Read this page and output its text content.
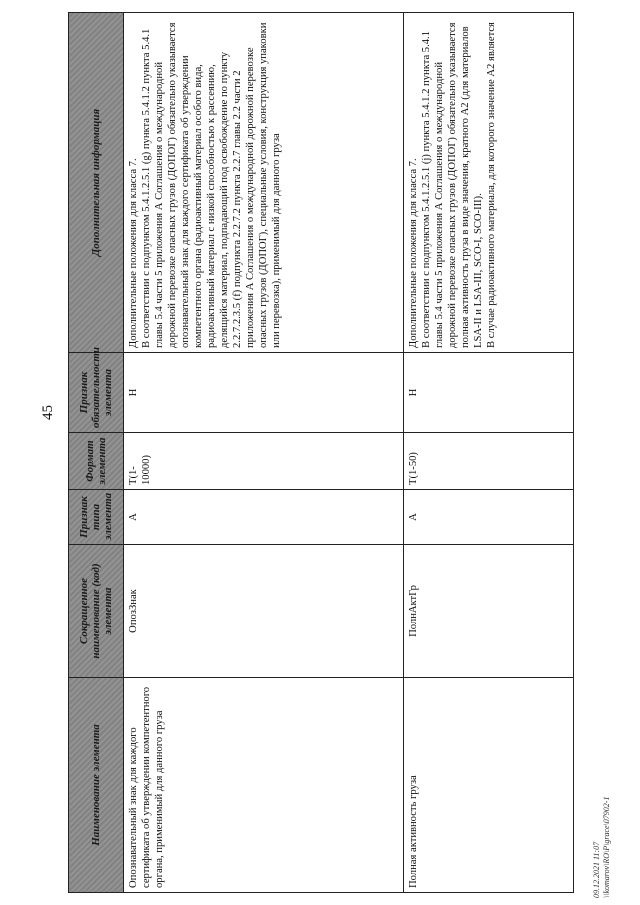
45
09.12.2021 11:07 \\komarov\RO\P\grace\07902-1
Наименование элемента	Сокращенное наименование (код) элемента	Признак типа элемента	Формат элемента	Признак обязательности элемента	Дополнительная информация
Опознавательный знак для каждого сертификата об утверждении компетентного органа, применимый для данного груза	ОпозЗнак	А	Т(1-10000)	Н	Дополнительные положения для класса 7. В соответствии с подпунктом 5.4.1.2.5.1 (g) пункта 5.4.1.2 пункта 5.4.1 главы 5.4 части 5 приложения А Соглашения о международной дорожной перевозке опасных грузов (ДОПОГ) обязательно указывается опознавательный знак для каждого сертификата об утверждении компетентного органа (радиоактивный материал особого вида, радиоактивный материал с низкой способностью к рассеянию, делящийся материал, подпадающий под освобождение по пункту 2.2.7.2.3.5 (f) подпункта 2.2.7.2 пункта 2.2.7 главы 2.2 части 2 приложения А Соглашения о международной дорожной перевозке опасных грузов (ДОПОГ), специальные условия, конструкция упаковки или перевозка), применимый для данного груза

Полная активность груза	ПолнАктГр	А	Т(1-50)	Н	Дополнительные положения для класса 7. В соответствии с подпунктом 5.4.1.2.5.1 (j) пункта 5.4.1.2 пункта 5.4.1 главы 5.4 части 5 приложения А Соглашения о международной дорожной перевозке опасных грузов (ДОПОГ) обязательно указывается полная активность груза в виде значения, кратного A2 (для материалов LSA-II и LSA-III, SCO-I, SCO-III). В случае радиоактивного материала, для которого значение A2 является
